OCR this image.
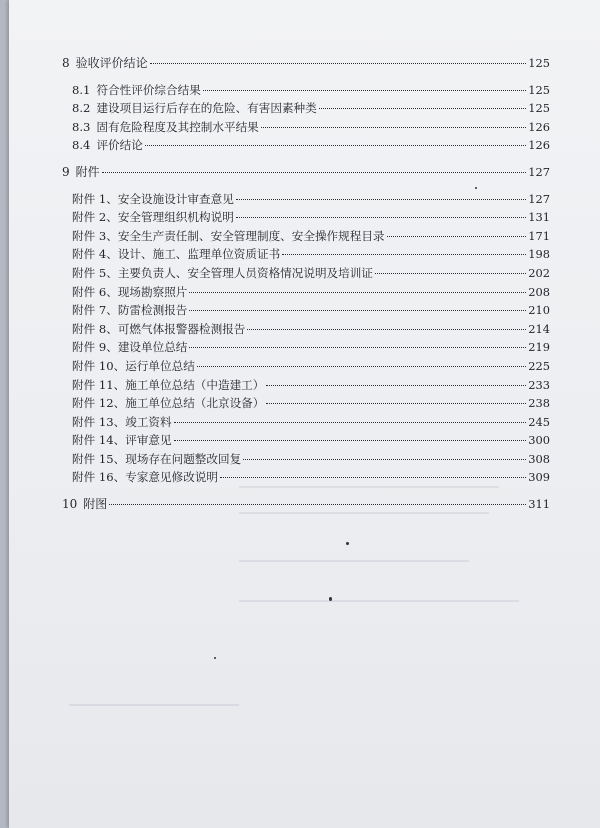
8 验收评价结论	125
8.1 符合性评价综合结果	125
8.2 建设项目运行后存在的危险、有害因素种类	125
8.3 固有危险程度及其控制水平结果	126
8.4 评价结论	126
9 附件	127
附件 1、安全设施设计审查意见	127
附件 2、安全管理组织机构说明	131
附件 3、安全生产责任制、安全管理制度、安全操作规程目录	171
附件 4、设计、施工、监理单位资质证书	198
附件 5、主要负责人、安全管理人员资格情况说明及培训证	202
附件 6、现场勘察照片	208
附件 7、防雷检测报告	210
附件 8、可燃气体报警器检测报告	214
附件 9、建设单位总结	219
附件 10、运行单位总结	225
附件 11、施工单位总结（中造建工）	233
附件 12、施工单位总结（北京设备）	238
附件 13、竣工资料	245
附件 14、评审意见	300
附件 15、现场存在问题整改回复	308
附件 16、专家意见修改说明	309
10 附图	311
